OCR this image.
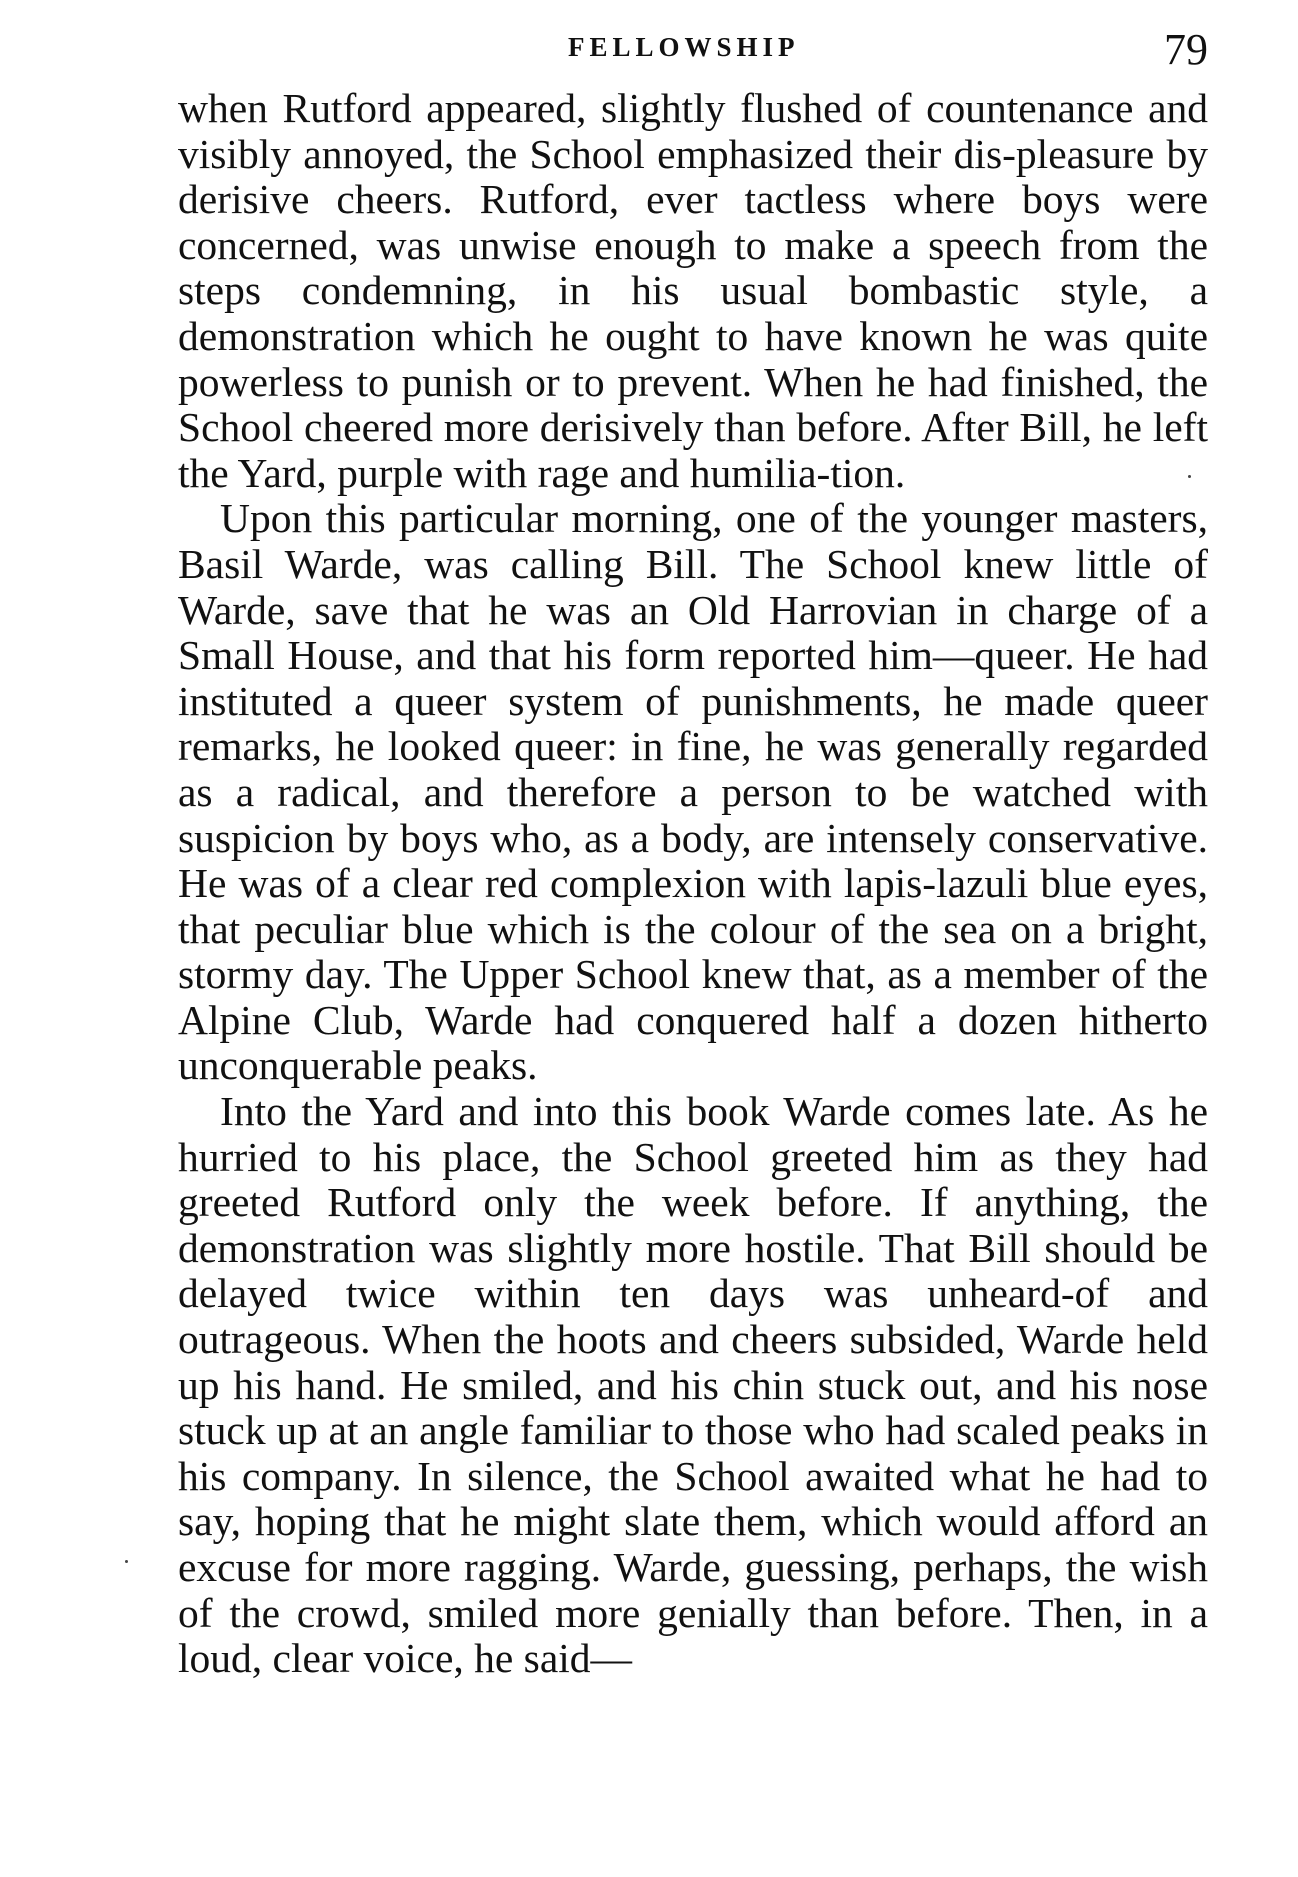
FELLOWSHIP	79

when Rutford appeared, slightly flushed of countenance and visibly annoyed, the School emphasized their dis-pleasure by derisive cheers. Rutford, ever tactless where boys were concerned, was unwise enough to make a speech from the steps condemning, in his usual bombastic style, a demonstration which he ought to have known he was quite powerless to punish or to prevent. When he had finished, the School cheered more derisively than before. After Bill, he left the Yard, purple with rage and humilia-tion.

Upon this particular morning, one of the younger masters, Basil Warde, was calling Bill. The School knew little of Warde, save that he was an Old Harrovian in charge of a Small House, and that his form reported him—queer. He had instituted a queer system of punishments, he made queer remarks, he looked queer: in fine, he was generally regarded as a radical, and therefore a person to be watched with suspicion by boys who, as a body, are intensely conservative. He was of a clear red complexion with lapis-lazuli blue eyes, that peculiar blue which is the colour of the sea on a bright, stormy day. The Upper School knew that, as a member of the Alpine Club, Warde had conquered half a dozen hitherto unconquerable peaks.

Into the Yard and into this book Warde comes late. As he hurried to his place, the School greeted him as they had greeted Rutford only the week before. If anything, the demonstration was slightly more hostile. That Bill should be delayed twice within ten days was unheard-of and outrageous. When the hoots and cheers subsided, Warde held up his hand. He smiled, and his chin stuck out, and his nose stuck up at an angle familiar to those who had scaled peaks in his company. In silence, the School awaited what he had to say, hoping that he might slate them, which would afford an excuse for more ragging. Warde, guessing, perhaps, the wish of the crowd, smiled more genially than before. Then, in a loud, clear voice, he said—
